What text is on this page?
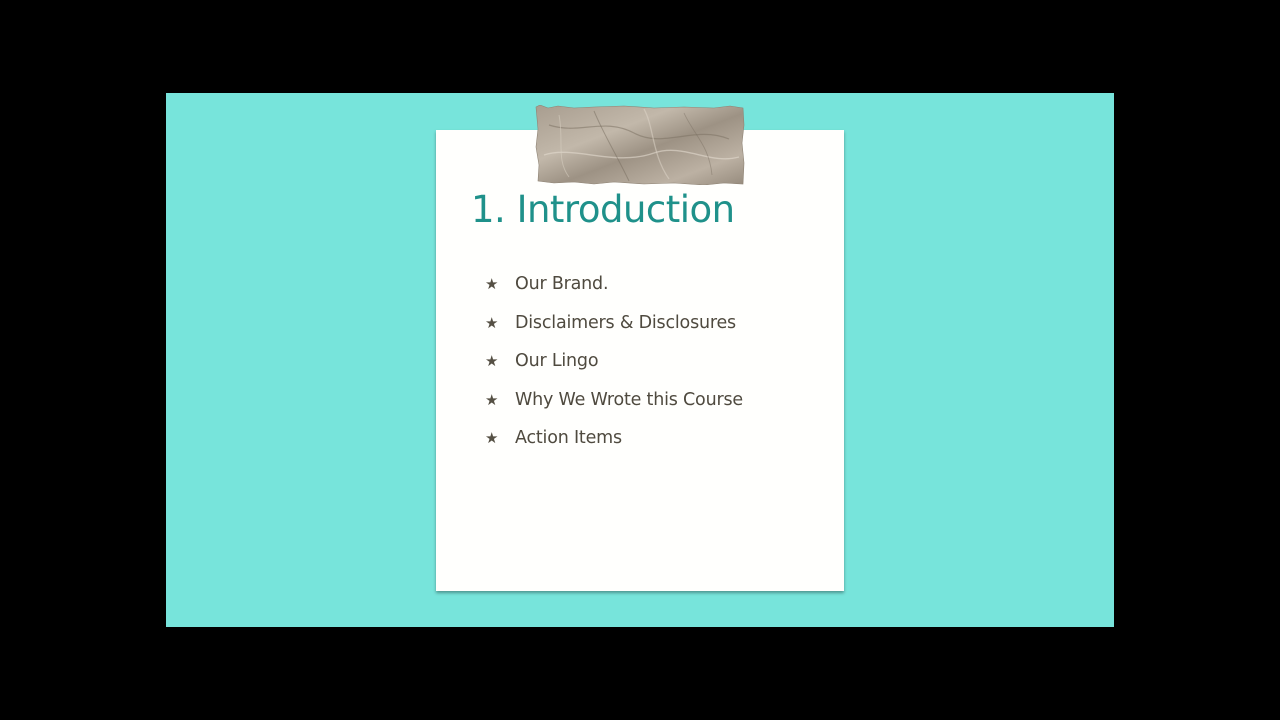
1. Introduction
★ Our Brand.
★ Disclaimers & Disclosures
★ Our Lingo
★ Why We Wrote this Course
★ Action Items
